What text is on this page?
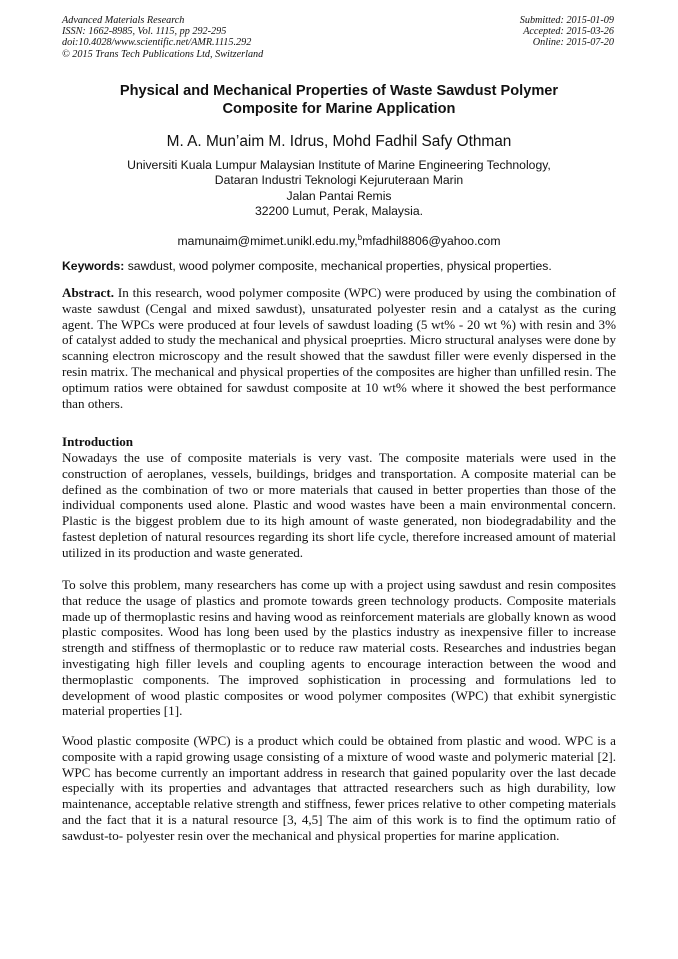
Advanced Materials Research
ISSN: 1662-8985, Vol. 1115, pp 292-295
doi:10.4028/www.scientific.net/AMR.1115.292
© 2015 Trans Tech Publications Ltd, Switzerland
Submitted: 2015-01-09
Accepted: 2015-03-26
Online: 2015-07-20
Physical and Mechanical Properties of Waste Sawdust Polymer
Composite for Marine Application
M. A. Mun’aim M. Idrus, Mohd Fadhil Safy Othman
Universiti Kuala Lumpur Malaysian Institute of Marine Engineering Technology,
Dataran Industri Teknologi Kejuruteraan Marin
Jalan Pantai Remis
32200 Lumut, Perak, Malaysia.
mamunaim@mimet.unikl.edu.my,$^b$mfadhil8806@yahoo.com
Keywords: sawdust, wood polymer composite, mechanical properties, physical properties.
Abstract. In this research, wood polymer composite (WPC) were produced by using the combination of waste sawdust (Cengal and mixed sawdust), unsaturated polyester resin and a catalyst as the curing agent. The WPCs were produced at four levels of sawdust loading (5 wt% - 20 wt %) with resin and 3% of catalyst added to study the mechanical and physical proeprties. Micro structural analyses were done by scanning electron microscopy and the result showed that the sawdust filler were evenly dispersed in the resin matrix. The mechanical and physical properties of the composites are higher than unfilled resin. The optimum ratios were obtained for sawdust composite at 10 wt% where it showed the best performance than others.
Introduction
Nowadays the use of composite materials is very vast. The composite materials were used in the construction of aeroplanes, vessels, buildings, bridges and transportation. A composite material can be defined as the combination of two or more materials that caused in better properties than those of the individual components used alone. Plastic and wood wastes have been a main environmental concern. Plastic is the biggest problem due to its high amount of waste generated, non biodegradability and the fastest depletion of natural resources regarding its short life cycle, therefore increased amount of material utilized in its production and waste generated.
To solve this problem, many researchers has come up with a project using sawdust and resin composites that reduce the usage of plastics and promote towards green technology products. Composite materials made up of thermoplastic resins and having wood as reinforcement materials are globally known as wood plastic composites. Wood has long been used by the plastics industry as inexpensive filler to increase strength and stiffness of thermoplastic or to reduce raw material costs. Researches and industries began investigating high filler levels and coupling agents to encourage interaction between the wood and thermoplastic components. The improved sophistication in processing and formulations led to development of wood plastic composites or wood polymer composites (WPC) that exhibit synergistic material properties [1].
Wood plastic composite (WPC) is a product which could be obtained from plastic and wood. WPC is a composite with a rapid growing usage consisting of a mixture of wood waste and polymeric material [2]. WPC has become currently an important address in research that gained popularity over the last decade especially with its properties and advantages that attracted researchers such as high durability, low maintenance, acceptable relative strength and stiffness, fewer prices relative to other competing materials and the fact that it is a natural resource [3, 4,5] The aim of this work is to find the optimum ratio of sawdust-to- polyester resin over the mechanical and physical properties for marine application.
